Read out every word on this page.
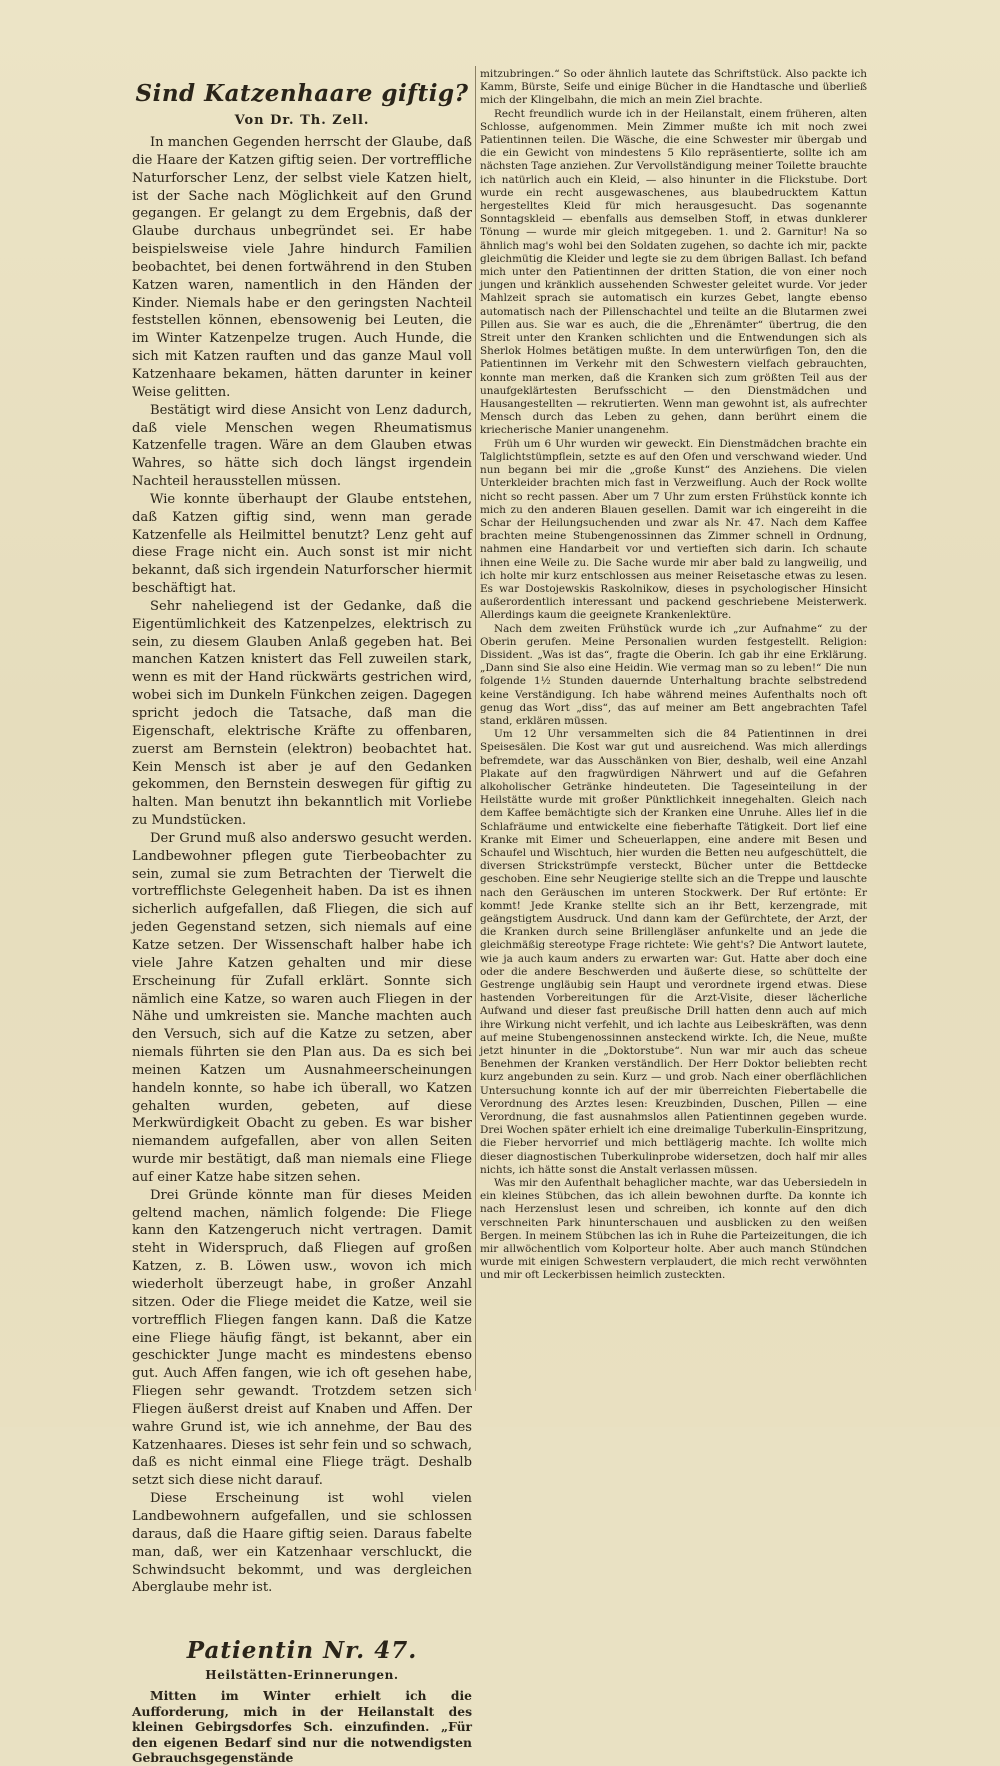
Sind Katzenhaare giftig?
Von Dr. Th. Zell.

In manchen Gegenden herrscht der Glaube, daß die Haare der Katzen giftig seien. Der vortreffliche Naturforscher Lenz, der selbst viele Katzen hielt, ist der Sache nach Möglichkeit auf den Grund gegangen. Er gelangt zu dem Ergebnis, daß der Glaube durchaus unbegründet sei. Er habe beispielsweise viele Jahre hindurch Familien beobachtet, bei denen fortwährend in den Stuben Katzen waren, namentlich in den Händen der Kinder. Niemals habe er den geringsten Nachteil feststellen können, ebensowenig bei Leuten, die im Winter Katzenpelze trugen. Auch Hunde, die sich mit Katzen rauften und das ganze Maul voll Katzenhaare bekamen, hätten darunter in keiner Weise gelitten.

Bestätigt wird diese Ansicht von Lenz dadurch, daß viele Menschen wegen Rheumatismus Katzenfelle tragen. Wäre an dem Glauben etwas Wahres, so hätte sich doch längst irgendein Nachteil herausstellen müssen.

Wie konnte überhaupt der Glaube entstehen, daß Katzen giftig sind, wenn man gerade Katzenfelle als Heilmittel benutzt? Lenz geht auf diese Frage nicht ein. Auch sonst ist mir nicht bekannt, daß sich irgendein Naturforscher hiermit beschäftigt hat.

Sehr naheliegend ist der Gedanke, daß die Eigentümlichkeit des Katzenpelzes, elektrisch zu sein, zu diesem Glauben Anlaß gegeben hat. Bei manchen Katzen knistert das Fell zuweilen stark, wenn es mit der Hand rückwärts gestrichen wird, wobei sich im Dunkeln Fünkchen zeigen. Dagegen spricht jedoch die Tatsache, daß man die Eigenschaft, elektrische Kräfte zu offenbaren, zuerst am Bernstein (elektron) beobachtet hat. Kein Mensch ist aber je auf den Gedanken gekommen, den Bernstein deswegen für giftig zu halten. Man benutzt ihn bekanntlich mit Vorliebe zu Mundstücken.

Der Grund muß also anderswo gesucht werden. Landbewohner pflegen gute Tierbeobachter zu sein, zumal sie zum Betrachten der Tierwelt die vortrefflichste Gelegenheit haben. Da ist es ihnen sicherlich aufgefallen, daß Fliegen, die sich auf jeden Gegenstand setzen, sich niemals auf eine Katze setzen. Der Wissenschaft halber habe ich viele Jahre Katzen gehalten und mir diese Erscheinung für Zufall erklärt. Sonnte sich nämlich eine Katze, so waren auch Fliegen in der Nähe und umkreisten sie. Manche machten auch den Versuch, sich auf die Katze zu setzen, aber niemals führten sie den Plan aus. Da es sich bei meinen Katzen um Ausnahmeerscheinungen handeln konnte, so habe ich überall, wo Katzen gehalten wurden, gebeten, auf diese Merkwürdigkeit Obacht zu geben. Es war bisher niemandem aufgefallen, aber von allen Seiten wurde mir bestätigt, daß man niemals eine Fliege auf einer Katze habe sitzen sehen.

Drei Gründe könnte man für dieses Meiden geltend machen, nämlich folgende: Die Fliege kann den Katzengeruch nicht vertragen. Damit steht in Widerspruch, daß Fliegen auf großen Katzen, z. B. Löwen usw., wovon ich mich wiederholt überzeugt habe, in großer Anzahl sitzen. Oder die Fliege meidet die Katze, weil sie vortrefflich Fliegen fangen kann. Daß die Katze eine Fliege häufig fängt, ist bekannt, aber ein geschickter Junge macht es mindestens ebenso gut. Auch Affen fangen, wie ich oft gesehen habe, Fliegen sehr gewandt. Trotzdem setzen sich Fliegen äußerst dreist auf Knaben und Affen. Der wahre Grund ist, wie ich annehme, der Bau des Katzenhaares. Dieses ist sehr fein und so schwach, daß es nicht einmal eine Fliege trägt. Deshalb setzt sich diese nicht darauf.

Diese Erscheinung ist wohl vielen Landbewohnern aufgefallen, und sie schlossen daraus, daß die Haare giftig seien. Daraus fabelte man, daß, wer ein Katzenhaar verschluckt, die Schwindsucht bekommt, und was dergleichen Aberglaube mehr ist.

Patientin Nr. 47.
Heilstätten-Erinnerungen.

Mitten im Winter erhielt ich die Aufforderung, mich in der Heilanstalt des kleinen Gebirgsdorfes Sch. einzufinden. „Für den eigenen Bedarf sind nur die notwendigsten Gebrauchsgegenstände

mitzubringen.“ So oder ähnlich lautete das Schriftstück. Also packte ich Kamm, Bürste, Seife und einige Bücher in die Handtasche und überließ mich der Klingelbahn, die mich an mein Ziel brachte.

Recht freundlich wurde ich in der Heilanstalt, einem früheren, alten Schlosse, aufgenommen. Mein Zimmer mußte ich mit noch zwei Patientinnen teilen. Die Wäsche, die eine Schwester mir übergab und die ein Gewicht von mindestens 5 Kilo repräsentierte, sollte ich am nächsten Tage anziehen. Zur Vervollständigung meiner Toilette brauchte ich natürlich auch ein Kleid, — also hinunter in die Flickstube. Dort wurde ein recht ausgewaschenes, aus blaubedrucktem Kattun hergestelltes Kleid für mich herausgesucht. Das sogenannte Sonntagskleid — ebenfalls aus demselben Stoff, in etwas dunklerer Tönung — wurde mir gleich mitgegeben. 1. und 2. Garnitur! Na so ähnlich mag's wohl bei den Soldaten zugehen, so dachte ich mir, packte gleichmütig die Kleider und legte sie zu dem übrigen Ballast. Ich befand mich unter den Patientinnen der dritten Station, die von einer noch jungen und kränklich aussehenden Schwester geleitet wurde. Vor jeder Mahlzeit sprach sie automatisch ein kurzes Gebet, langte ebenso automatisch nach der Pillenschachtel und teilte an die Blutarmen zwei Pillen aus. Sie war es auch, die die „Ehrenämter“ übertrug, die den Streit unter den Kranken schlichten und die Entwendungen sich als Sherlok Holmes betätigen mußte. In dem unterwürfigen Ton, den die Patientinnen im Verkehr mit den Schwestern vielfach gebrauchten, konnte man merken, daß die Kranken sich zum größten Teil aus der unaufgeklärtesten Berufsschicht — den Dienstmädchen und Hausangestellten — rekrutierten. Wenn man gewohnt ist, als aufrechter Mensch durch das Leben zu gehen, dann berührt einem die kriecherische Manier unangenehm.

Früh um 6 Uhr wurden wir geweckt. Ein Dienstmädchen brachte ein Talglichtstümpflein, setzte es auf den Ofen und verschwand wieder. Und nun begann bei mir die „große Kunst“ des Anziehens. Die vielen Unterkleider brachten mich fast in Verzweiflung. Auch der Rock wollte nicht so recht passen. Aber um 7 Uhr zum ersten Frühstück konnte ich mich zu den anderen Blauen gesellen. Damit war ich eingereiht in die Schar der Heilungsuchenden und zwar als Nr. 47. Nach dem Kaffee brachten meine Stubengenossinnen das Zimmer schnell in Ordnung, nahmen eine Handarbeit vor und vertieften sich darin. Ich schaute ihnen eine Weile zu. Die Sache wurde mir aber bald zu langweilig, und ich holte mir kurz entschlossen aus meiner Reisetasche etwas zu lesen. Es war Dostojewskis Raskolnikow, dieses in psychologischer Hinsicht außerordentlich interessant und packend geschriebene Meisterwerk. Allerdings kaum die geeignete Krankenlektüre.

Nach dem zweiten Frühstück wurde ich „zur Aufnahme“ zu der Oberin gerufen. Meine Personalien wurden festgestellt. Religion: Dissident. „Was ist das“, fragte die Oberin. Ich gab ihr eine Erklärung. „Dann sind Sie also eine Heidin. Wie vermag man so zu leben!“ Die nun folgende 1½ Stunden dauernde Unterhaltung brachte selbstredend keine Verständigung. Ich habe während meines Aufenthalts noch oft genug das Wort „diss“, das auf meiner am Bett angebrachten Tafel stand, erklären müssen.

Um 12 Uhr versammelten sich die 84 Patientinnen in drei Speisesälen. Die Kost war gut und ausreichend. Was mich allerdings befremdete, war das Ausschänken von Bier, deshalb, weil eine Anzahl Plakate auf den fragwürdigen Nährwert und auf die Gefahren alkoholischer Getränke hindeuteten. Die Tageseinteilung in der Heilstätte wurde mit großer Pünktlichkeit innegehalten. Gleich nach dem Kaffee bemächtigte sich der Kranken eine Unruhe. Alles lief in die Schlafräume und entwickelte eine fieberhafte Tätigkeit. Dort lief eine Kranke mit Eimer und Scheuerlappen, eine andere mit Besen und Schaufel und Wischtuch, hier wurden die Betten neu aufgeschüttelt, die diversen Strickstrümpfe versteckt, Bücher unter die Bettdecke geschoben. Eine sehr Neugierige stellte sich an die Treppe und lauschte nach den Geräuschen im unteren Stockwerk. Der Ruf ertönte: Er kommt! Jede Kranke stellte sich an ihr Bett, kerzengrade, mit geängstigtem Ausdruck. Und dann kam der Gefürchtete, der Arzt, der die Kranken durch seine Brillengläser anfunkelte und an jede die gleichmäßig stereotype Frage richtete: Wie geht's? Die Antwort lautete, wie ja auch kaum anders zu erwarten war: Gut. Hatte aber doch eine oder die andere Beschwerden und äußerte diese, so schüttelte der Gestrenge ungläubig sein Haupt und verordnete irgend etwas. Diese hastenden Vorbereitungen für die Arzt-Visite, dieser lächerliche Aufwand und dieser fast preußische Drill hatten denn auch auf mich ihre Wirkung nicht verfehlt, und ich lachte aus Leibeskräften, was denn auf meine Stubengenossinnen ansteckend wirkte. Ich, die Neue, mußte jetzt hinunter in die „Doktorstube“. Nun war mir auch das scheue Benehmen der Kranken verständlich. Der Herr Doktor beliebten recht kurz angebunden zu sein. Kurz — und grob. Nach einer oberflächlichen Untersuchung konnte ich auf der mir überreichten Fiebertabelle die Verordnung des Arztes lesen: Kreuzbinden, Duschen, Pillen — eine Verordnung, die fast ausnahmslos allen Patientinnen gegeben wurde. Drei Wochen später erhielt ich eine dreimalige Tuberkulin-Einspritzung, die Fieber hervorrief und mich bettlägerig machte. Ich wollte mich dieser diagnostischen Tuberkulinprobe widersetzen, doch half mir alles nichts, ich hätte sonst die Anstalt verlassen müssen.

Was mir den Aufenthalt behaglicher machte, war das Uebersiedeln in ein kleines Stübchen, das ich allein bewohnen durfte. Da konnte ich nach Herzenslust lesen und schreiben, ich konnte auf den dich verschneiten Park hinunterschauen und ausblicken zu den weißen Bergen. In meinem Stübchen las ich in Ruhe die Parteizeitungen, die ich mir allwöchentlich vom Kolporteur holte. Aber auch manch Stündchen wurde mit einigen Schwestern verplaudert, die mich recht verwöhnten und mir oft Leckerbissen heimlich zusteckten.
